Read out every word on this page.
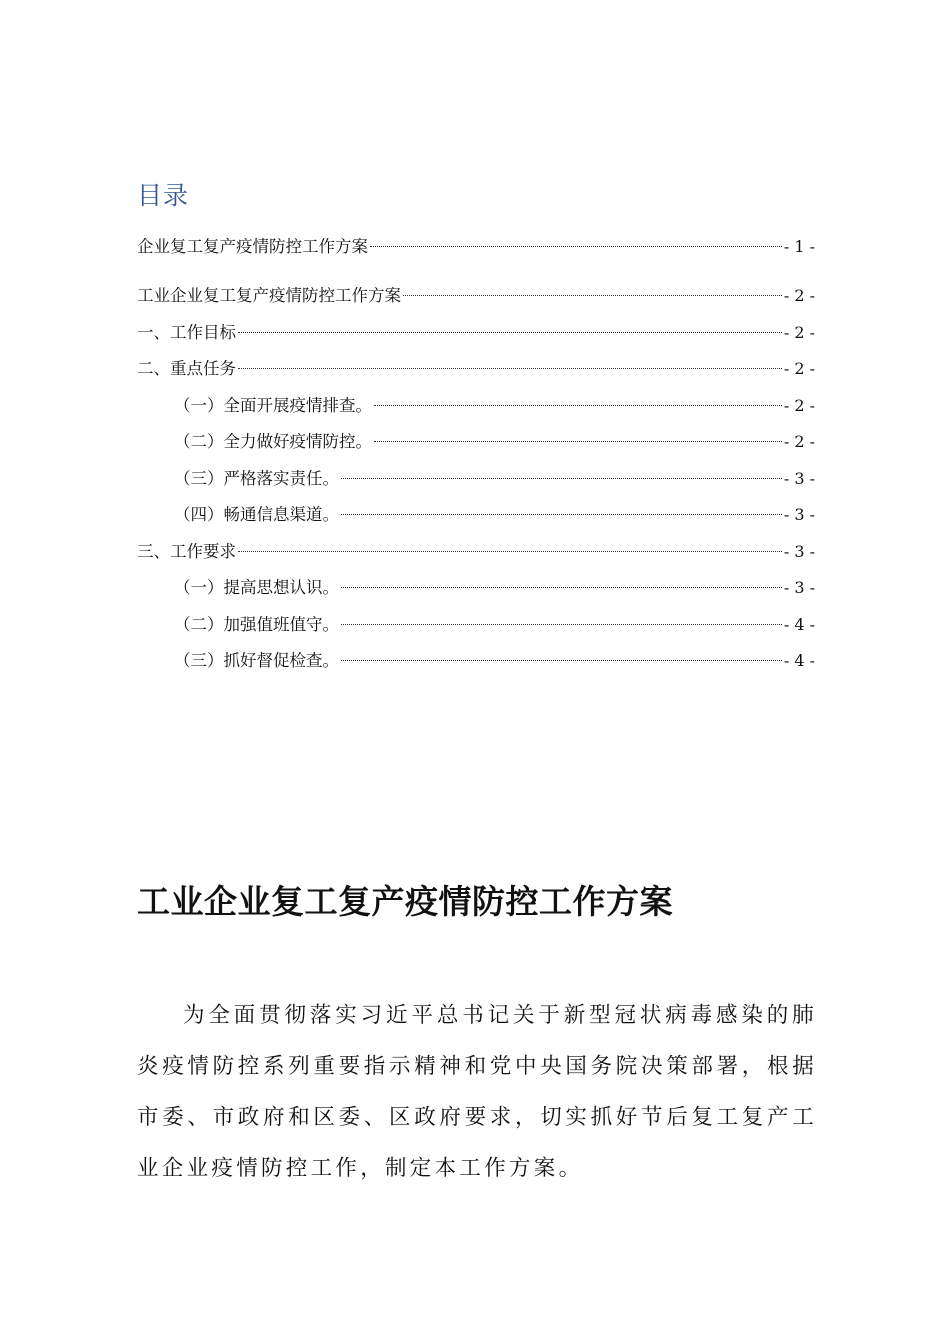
目录
企业复工复产疫情防控工作方案	- 1 -
工业企业复工复产疫情防控工作方案	- 2 -
一、工作目标	- 2 -
二、重点任务	- 2 -
（一）全面开展疫情排查。	- 2 -
（二）全力做好疫情防控。	- 2 -
（三）严格落实责任。	- 3 -
（四）畅通信息渠道。	- 3 -
三、工作要求	- 3 -
（一）提高思想认识。	- 3 -
（二）加强值班值守。	- 4 -
（三）抓好督促检查。	- 4 -
工业企业复工复产疫情防控工作方案

为全面贯彻落实习近平总书记关于新型冠状病毒感染的肺炎疫情防控系列重要指示精神和党中央国务院决策部署，根据市委、市政府和区委、区政府要求，切实抓好节后复工复产工业企业疫情防控工作，制定本工作方案。
